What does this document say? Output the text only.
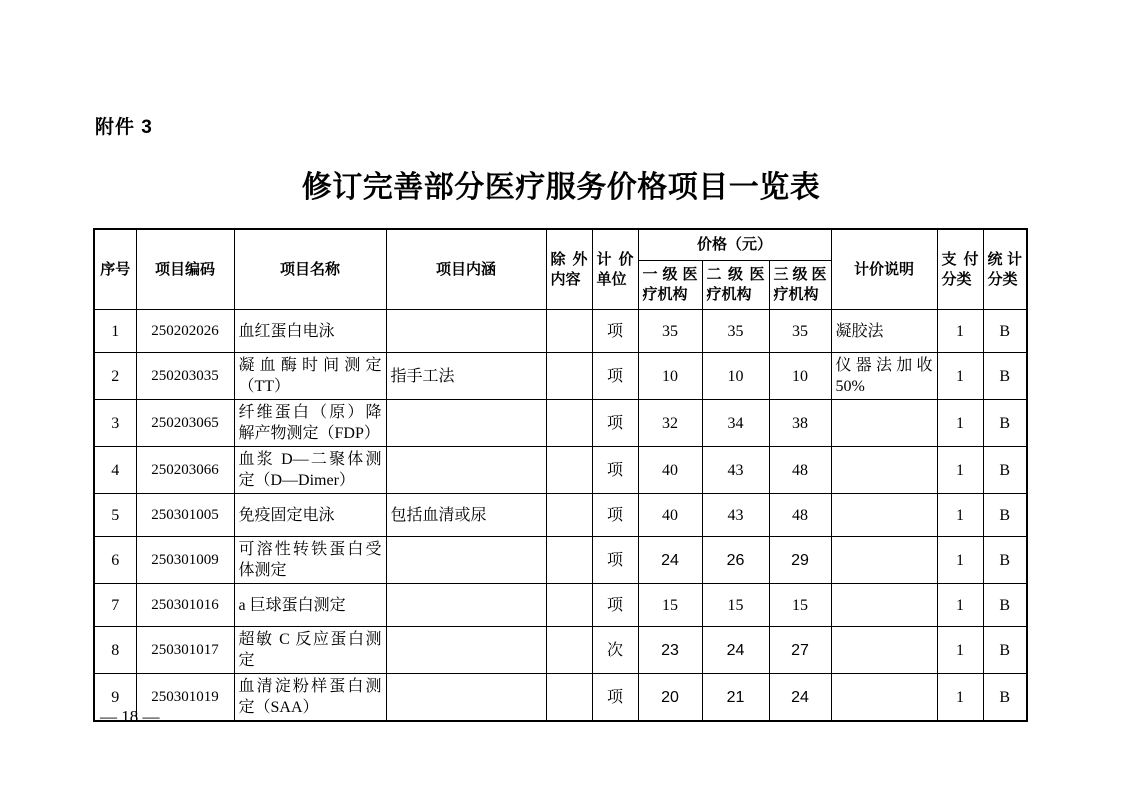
附件 3
修订完善部分医疗服务价格项目一览表
序号	项目编码	项目名称	项目内涵	除外内容	计价单位	价格（元）			计价说明	支付分类	统计分类
						一级医疗机构	二级医疗机构	三级医疗机构			
1	250202026	血红蛋白电泳			项	35	35	35	凝胶法	1	B
2	250203035	凝血酶时间测定（TT）	指手工法		项	10	10	10	仪器法加收50%	1	B
3	250203065	纤维蛋白（原）降解产物测定（FDP）			项	32	34	38		1	B
4	250203066	血浆 D—二聚体测定（D—Dimer）			项	40	43	48		1	B
5	250301005	免疫固定电泳	包括血清或尿		项	40	43	48		1	B
6	250301009	可溶性转铁蛋白受体测定			项	24	26	29		1	B
7	250301016	a 巨球蛋白测定			项	15	15	15		1	B
8	250301017	超敏 C 反应蛋白测定			次	23	24	27		1	B
9	250301019	血清淀粉样蛋白测定（SAA）			项	20	21	24		1	B
— 18 —
